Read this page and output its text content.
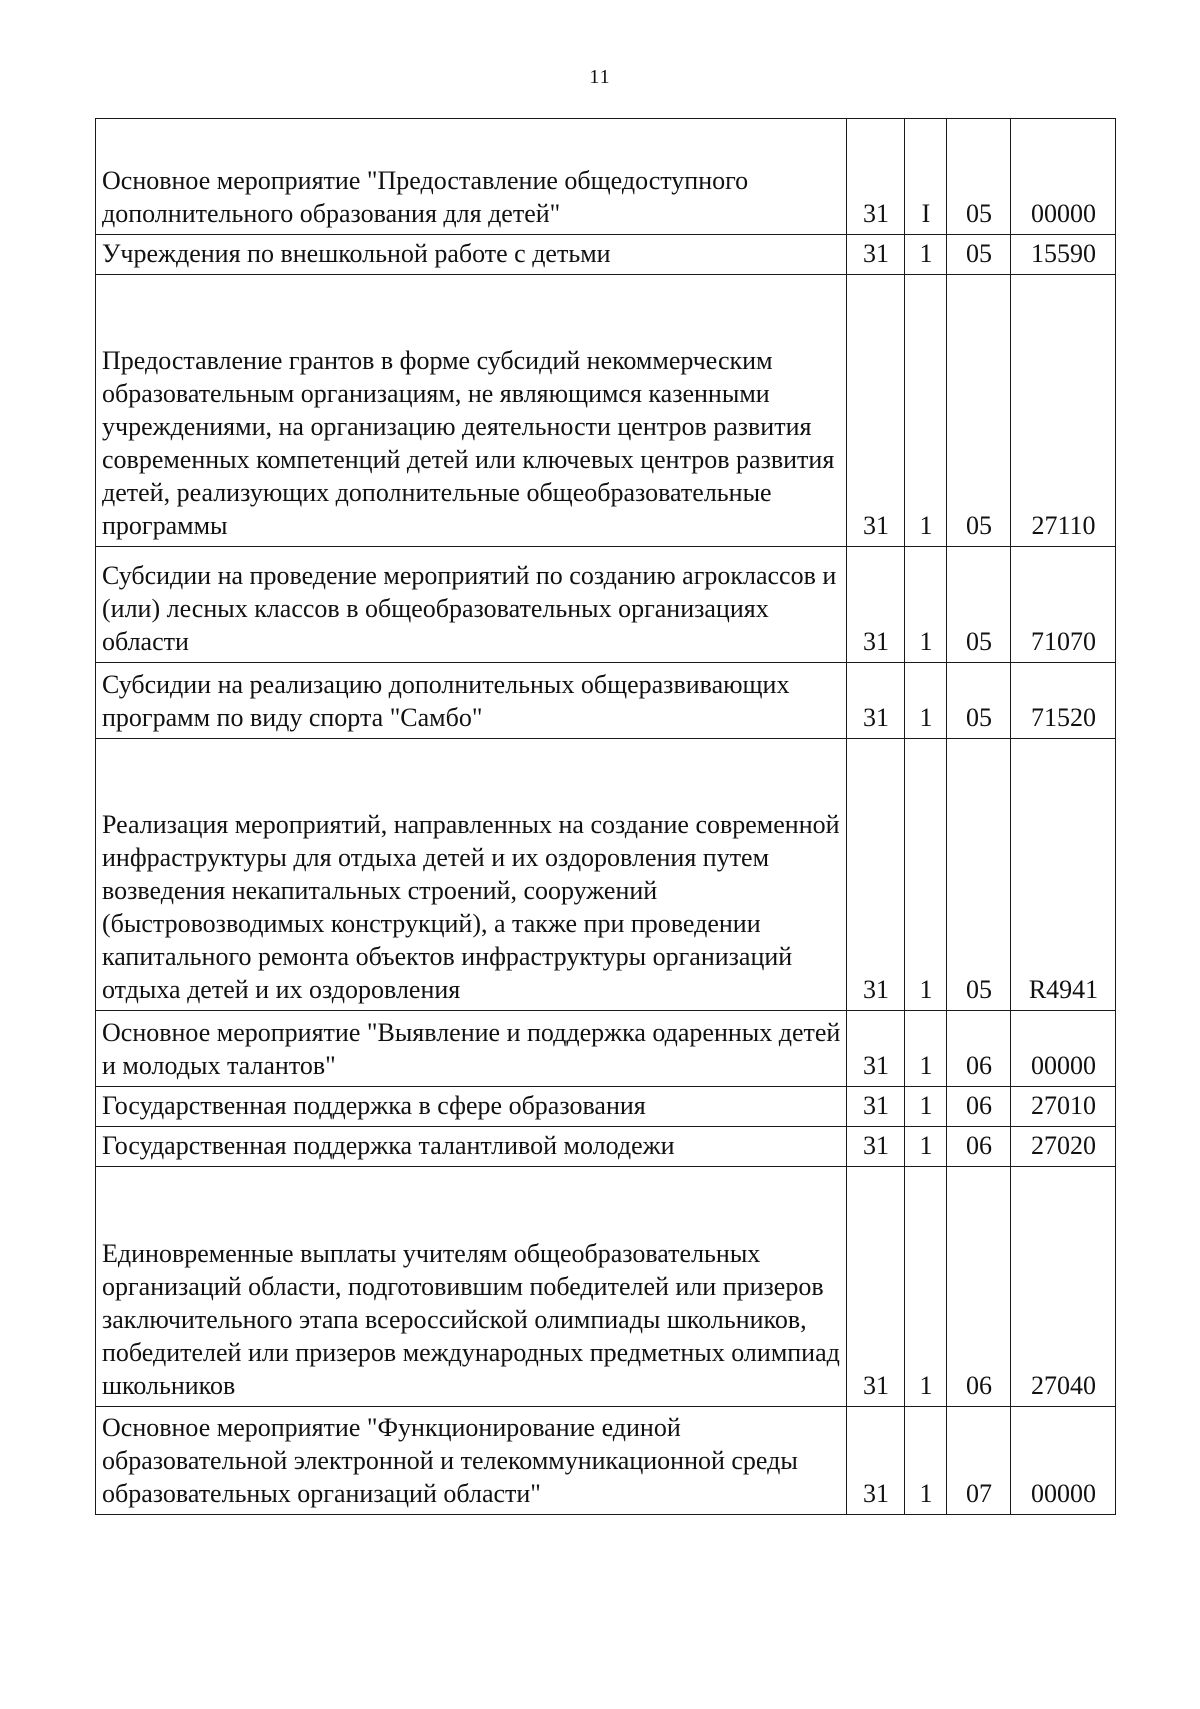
11
Основное мероприятие "Предоставление общедоступного дополнительного образования для детей"	31	I	05	00000
Учреждения по внешкольной работе с детьми	31	1	05	15590
Предоставление грантов в форме субсидий некоммерческим образовательным организациям, не являющимся казенными учреждениями, на организацию деятельности центров развития современных компетенций детей или ключевых центров развития детей, реализующих дополнительные общеобразовательные программы	31	1	05	27110
Субсидии на проведение мероприятий по созданию агроклассов и (или) лесных классов в общеобразовательных организациях области	31	1	05	71070
Субсидии на реализацию дополнительных общеразвивающих программ по виду спорта "Самбо"	31	1	05	71520
Реализация мероприятий, направленных на создание современной инфраструктуры для отдыха детей и их оздоровления путем возведения некапитальных строений, сооружений (быстровозводимых конструкций), а также при проведении капитального ремонта объектов инфраструктуры организаций отдыха детей и их оздоровления	31	1	05	R4941
Основное мероприятие "Выявление и поддержка одаренных детей и молодых талантов"	31	1	06	00000
Государственная поддержка в сфере образования	31	1	06	27010
Государственная поддержка талантливой молодежи	31	1	06	27020
Единовременные выплаты учителям общеобразовательных организаций области, подготовившим победителей или призеров заключительного этапа всероссийской олимпиады школьников, победителей или призеров международных предметных олимпиад школьников	31	1	06	27040
Основное мероприятие "Функционирование единой образовательной электронной и телекоммуникационной среды образовательных организаций области"	31	1	07	00000
